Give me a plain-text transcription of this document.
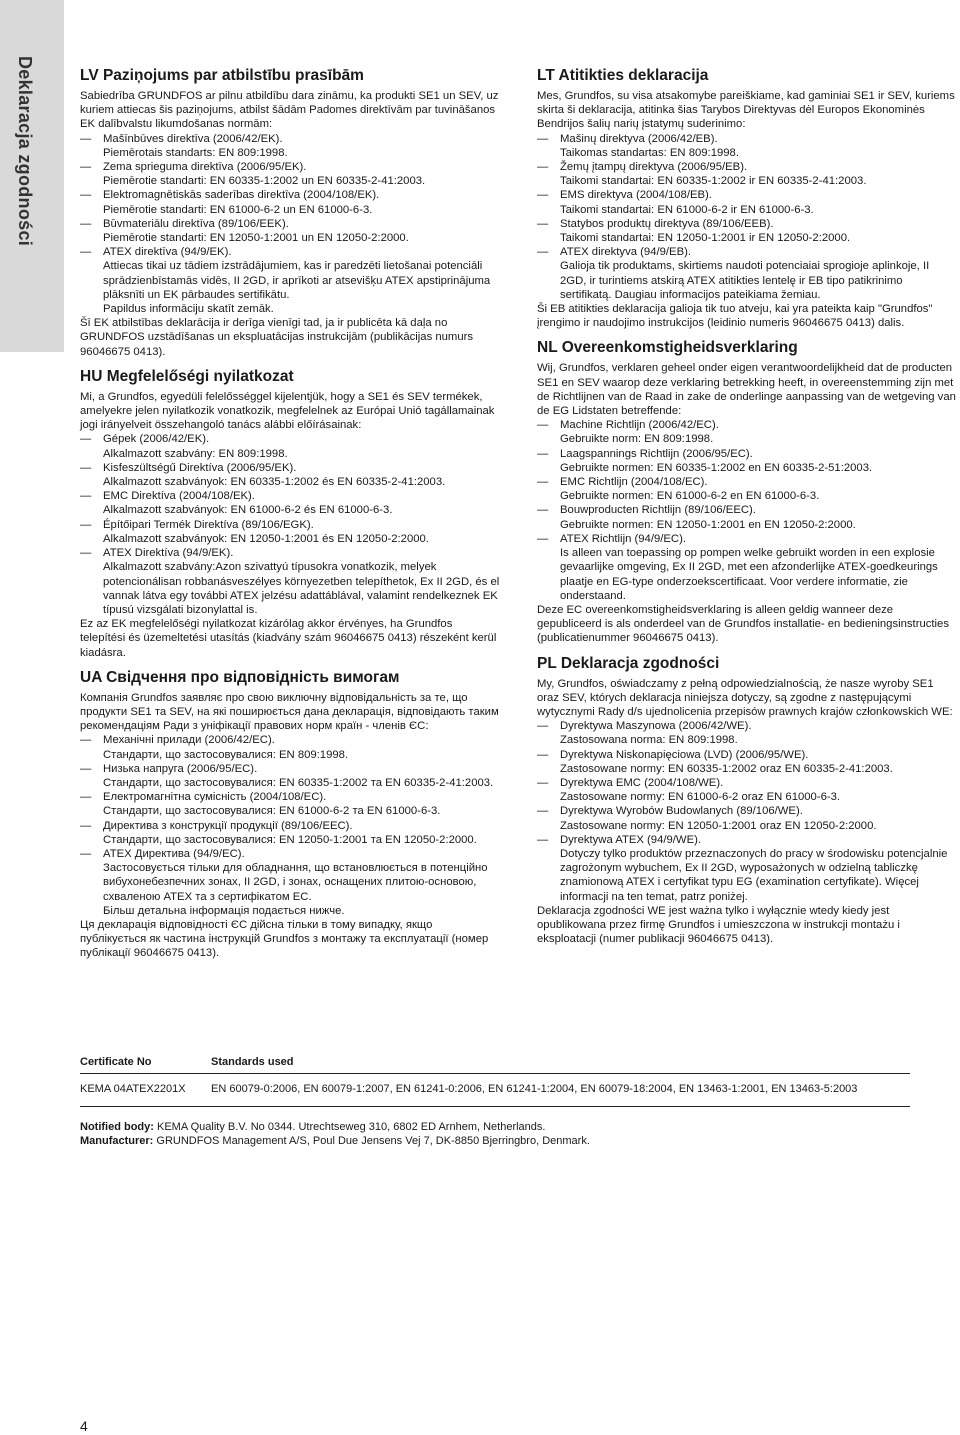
Deklaracja zgodności	LV Paziņojums par atbilstību prasībām

Sabiedrība GRUNDFOS ar pilnu atbildību dara zināmu, ka produkti SE1 un SEV, uz kuriem attiecas šis paziņojums, atbilst šādām Padomes direktīvām par tuvināšanos EK dalībvalstu likumdošanas normām:

— Mašīnbūves direktīva (2006/42/EK).
Piemērotais standarts: EN 809:1998.
— Zema sprieguma direktīva (2006/95/EK).
Piemērotie standarti: EN 60335-1:2002 un EN 60335-2-41:2003.
— Elektromagnētiskās saderības direktīva (2004/108/EK).
Piemērotie standarti: EN 61000-6-2 un EN 61000-6-3.
— Būvmateriālu direktīva (89/106/EEK).
Piemērotie standarti: EN 12050-1:2001 un EN 12050-2:2000.
— ATEX direktīva (94/9/EK).
Attiecas tikai uz tādiem izstrādājumiem, kas ir paredzēti lietošanai potenciāli sprādzienbīstamās vidēs, II 2GD, ir aprīkoti ar atsevišķu ATEX apstiprinājuma plāksnīti un EK pārbaudes sertifikātu.
Papildus informāciju skatīt zemāk.

Šī EK atbilstības deklarācija ir derīga vienīgi tad, ja ir publicēta kā daļa no GRUNDFOS uzstādīšanas un ekspluatācijas instrukcijām (publikācijas numurs 96046675 0413).

HU Megfelelőségi nyilatkozat

Mi, a Grundfos, egyedüli felelősséggel kijelentjük, hogy a SE1 és SEV termékek, amelyekre jelen nyilatkozik vonatkozik, megfelelnek az Európai Unió tagállamainak jogi irányelveit összehangoló tanács alábbi előírásainak:

— Gépek (2006/42/EK).
Alkalmazott szabvány: EN 809:1998.
— Kisfeszültségű Direktíva (2006/95/EK).
Alkalmazott szabványok: EN 60335-1:2002 és EN 60335-2-41:2003.
— EMC Direktíva (2004/108/EK).
Alkalmazott szabványok: EN 61000-6-2 és EN 61000-6-3.
— Építőipari Termék Direktíva (89/106/EGK).
Alkalmazott szabványok: EN 12050-1:2001 és EN 12050-2:2000.
— ATEX Direktíva (94/9/EK).
Alkalmazott szabvány:Azon szivattyú típusokra vonatkozik, melyek potencionálisan robbanásveszélyes környezetben telepíthetok, Ex II 2GD, és el vannak látva egy további ATEX jelzésu adattáblával, valamint rendelkeznek EK típusú vizsgálati bizonylattal is.

Ez az EK megfelelőségi nyilatkozat kizárólag akkor érvényes, ha Grundfos telepítési és üzemeltetési utasítás (kiadvány szám 96046675 0413) részeként kerül kiadásra.

UA Свідчення про відповідність вимогам

Компанія Grundfos заявляє про свою виключну відповідальність за те, що продукти SE1 та SEV, на які поширюється дана декларація, відповідають таким рекомендаціям Ради з уніфікації правових норм країн - членів ЄС:

— Механічні прилади (2006/42/EC).
Стандарти, що застосовувалися: EN 809:1998.
— Низька напруга (2006/95/EC).
Стандарти, що застосовувалися: EN 60335-1:2002 та EN 60335-2-41:2003.
— Електромагнітна сумісність (2004/108/EC).
Стандарти, що застосовувалися: EN 61000-6-2 та EN 61000-6-3.
— Директива з конструкції продукції (89/106/EEC).
Стандарти, що застосовувалися: EN 12050-1:2001 та EN 12050-2:2000.
— ATEX Директива (94/9/EC).
Застосовується тільки для обладнання, що встановлюється в потенційно вибухонебезпечних зонах, II 2GD, і зонах, оснащених плитою-основою, схваленою ATEX та з сертифікатом ЕС.
Більш детальна інформація подається нижче.

Ця декларація відповідності ЄС дійсна тільки в тому випадку, якщо публікується як частина інструкцій Grundfos з монтажу та експлуатації (номер публікації 96046675 0413).

LT Atitikties deklaracija

Mes, Grundfos, su visa atsakomybe pareiškiame, kad gaminiai SE1 ir SEV, kuriems skirta ši deklaracija, atitinka šias Tarybos Direktyvas dėl Europos Ekonominės Bendrijos šalių narių įstatymų suderinimo:

— Mašinų direktyva (2006/42/EB).
Taikomas standartas: EN 809:1998.
— Žemų įtampų direktyva (2006/95/EB).
Taikomi standartai: EN 60335-1:2002 ir EN 60335-2-41:2003.
— EMS direktyva (2004/108/EB).
Taikomi standartai: EN 61000-6-2 ir EN 61000-6-3.
— Statybos produktų direktyva (89/106/EEB).
Taikomi standartai: EN 12050-1:2001 ir EN 12050-2:2000.
— ATEX direktyva (94/9/EB).
Galioja tik produktams, skirtiems naudoti potenciaiai sprogioje aplinkoje, II 2GD, ir turintiems atskirą ATEX atitikties lentelę ir EB tipo patikrinimo sertifikatą. Daugiau informacijos pateikiama žemiau.

Ši EB atitikties deklaracija galioja tik tuo atveju, kai yra pateikta kaip "Grundfos" įrengimo ir naudojimo instrukcijos (leidinio numeris 96046675 0413) dalis.

NL Overeenkomstigheidsverklaring

Wij, Grundfos, verklaren geheel onder eigen verantwoordelijkheid dat de producten SE1 en SEV waarop deze verklaring betrekking heeft, in overeenstemming zijn met de Richtlijnen van de Raad in zake de onderlinge aanpassing van de wetgeving van de EG Lidstaten betreffende:

— Machine Richtlijn (2006/42/EC).
Gebruikte norm: EN 809:1998.
— Laagspannings Richtlijn (2006/95/EC).
Gebruikte normen: EN 60335-1:2002 en EN 60335-2-51:2003.
— EMC Richtlijn (2004/108/EC).
Gebruikte normen: EN 61000-6-2 en EN 61000-6-3.
— Bouwproducten Richtlijn (89/106/EEC).
Gebruikte normen: EN 12050-1:2001 en EN 12050-2:2000.
— ATEX Richtlijn (94/9/EC).
Is alleen van toepassing op pompen welke gebruikt worden in een explosie gevaarlijke omgeving, Ex II 2GD, met een afzonderlijke ATEX-goedkeurings plaatje en EG-type onderzoekscertificaat. Voor verdere informatie, zie onderstaand.

Deze EC overeenkomstigheidsverklaring is alleen geldig wanneer deze gepubliceerd is als onderdeel van de Grundfos installatie- en bedieningsinstructies (publicatienummer 96046675 0413).

PL Deklaracja zgodności

My, Grundfos, oświadczamy z pełną odpowiedzialnością, że nasze wyroby SE1 oraz SEV, których deklaracja niniejsza dotyczy, są zgodne z następującymi wytycznymi Rady d/s ujednolicenia przepisów prawnych krajów członkowskich WE:

— Dyrektywa Maszynowa (2006/42/WE).
Zastosowana norma: EN 809:1998.
— Dyrektywa Niskonapięciowa (LVD) (2006/95/WE).
Zastosowane normy: EN 60335-1:2002 oraz EN 60335-2-41:2003.
— Dyrektywa EMC (2004/108/WE).
Zastosowane normy: EN 61000-6-2 oraz EN 61000-6-3.
— Dyrektywa Wyrobów Budowlanych (89/106/WE).
Zastosowane normy: EN 12050-1:2001 oraz EN 12050-2:2000.
— Dyrektywa ATEX (94/9/WE).
Dotyczy tylko produktów przeznaczonych do pracy w środowisku potencjalnie zagrożonym wybuchem, Ex II 2GD, wyposażonych w odzielną tabliczkę znamionową ATEX i certyfikat typu EG (examination certyfikate). Więcej informacji na ten temat, patrz poniżej.

Deklaracja zgodności WE jest ważna tylko i wyłącznie wtedy kiedy jest opublikowana przez firmę Grundfos i umieszczona w instrukcji montażu i eksploatacji (numer publikacji 96046675 0413).

Certificate No	Standards used
KEMA 04ATEX2201X EN 60079-0:2006, EN 60079-1:2007, EN 61241-0:2006, EN 61241-1:2004, EN 60079-18:2004, EN 13463-1:2001, EN 13463-5:2003
Notified body: KEMA Quality B.V. No 0344. Utrechtseweg 310, 6802 ED Arnhem, Netherlands.
Manufacturer: GRUNDFOS Management A/S, Poul Due Jensens Vej 7, DK-8850 Bjerringbro, Denmark.
4
